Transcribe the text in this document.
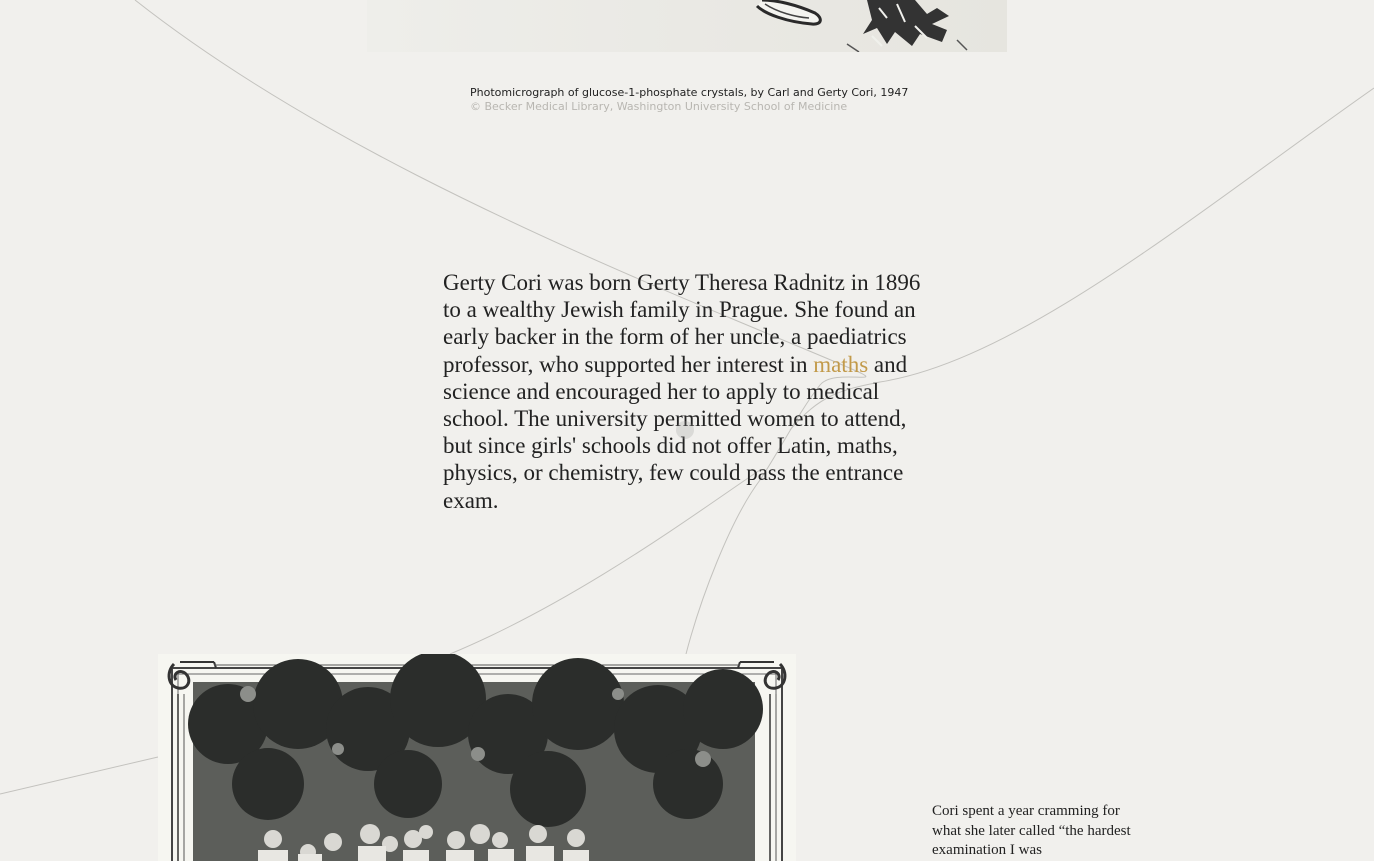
Photomicrograph of glucose-1-phosphate crystals, by Carl and Gerty Cori, 1947
© Becker Medical Library, Washington University School of Medicine

Gerty Cori was born Gerty Theresa Radnitz in 1896 to a wealthy Jewish family in Prague. She found an early backer in the form of her uncle, a paediatrics professor, who supported her interest in maths and science and encouraged her to apply to medical school. The university permitted women to attend, but since girls' schools did not offer Latin, maths, physics, or chemistry, few could pass the entrance exam.

Cori spent a year cramming for what she later called “the hardest examination I was
